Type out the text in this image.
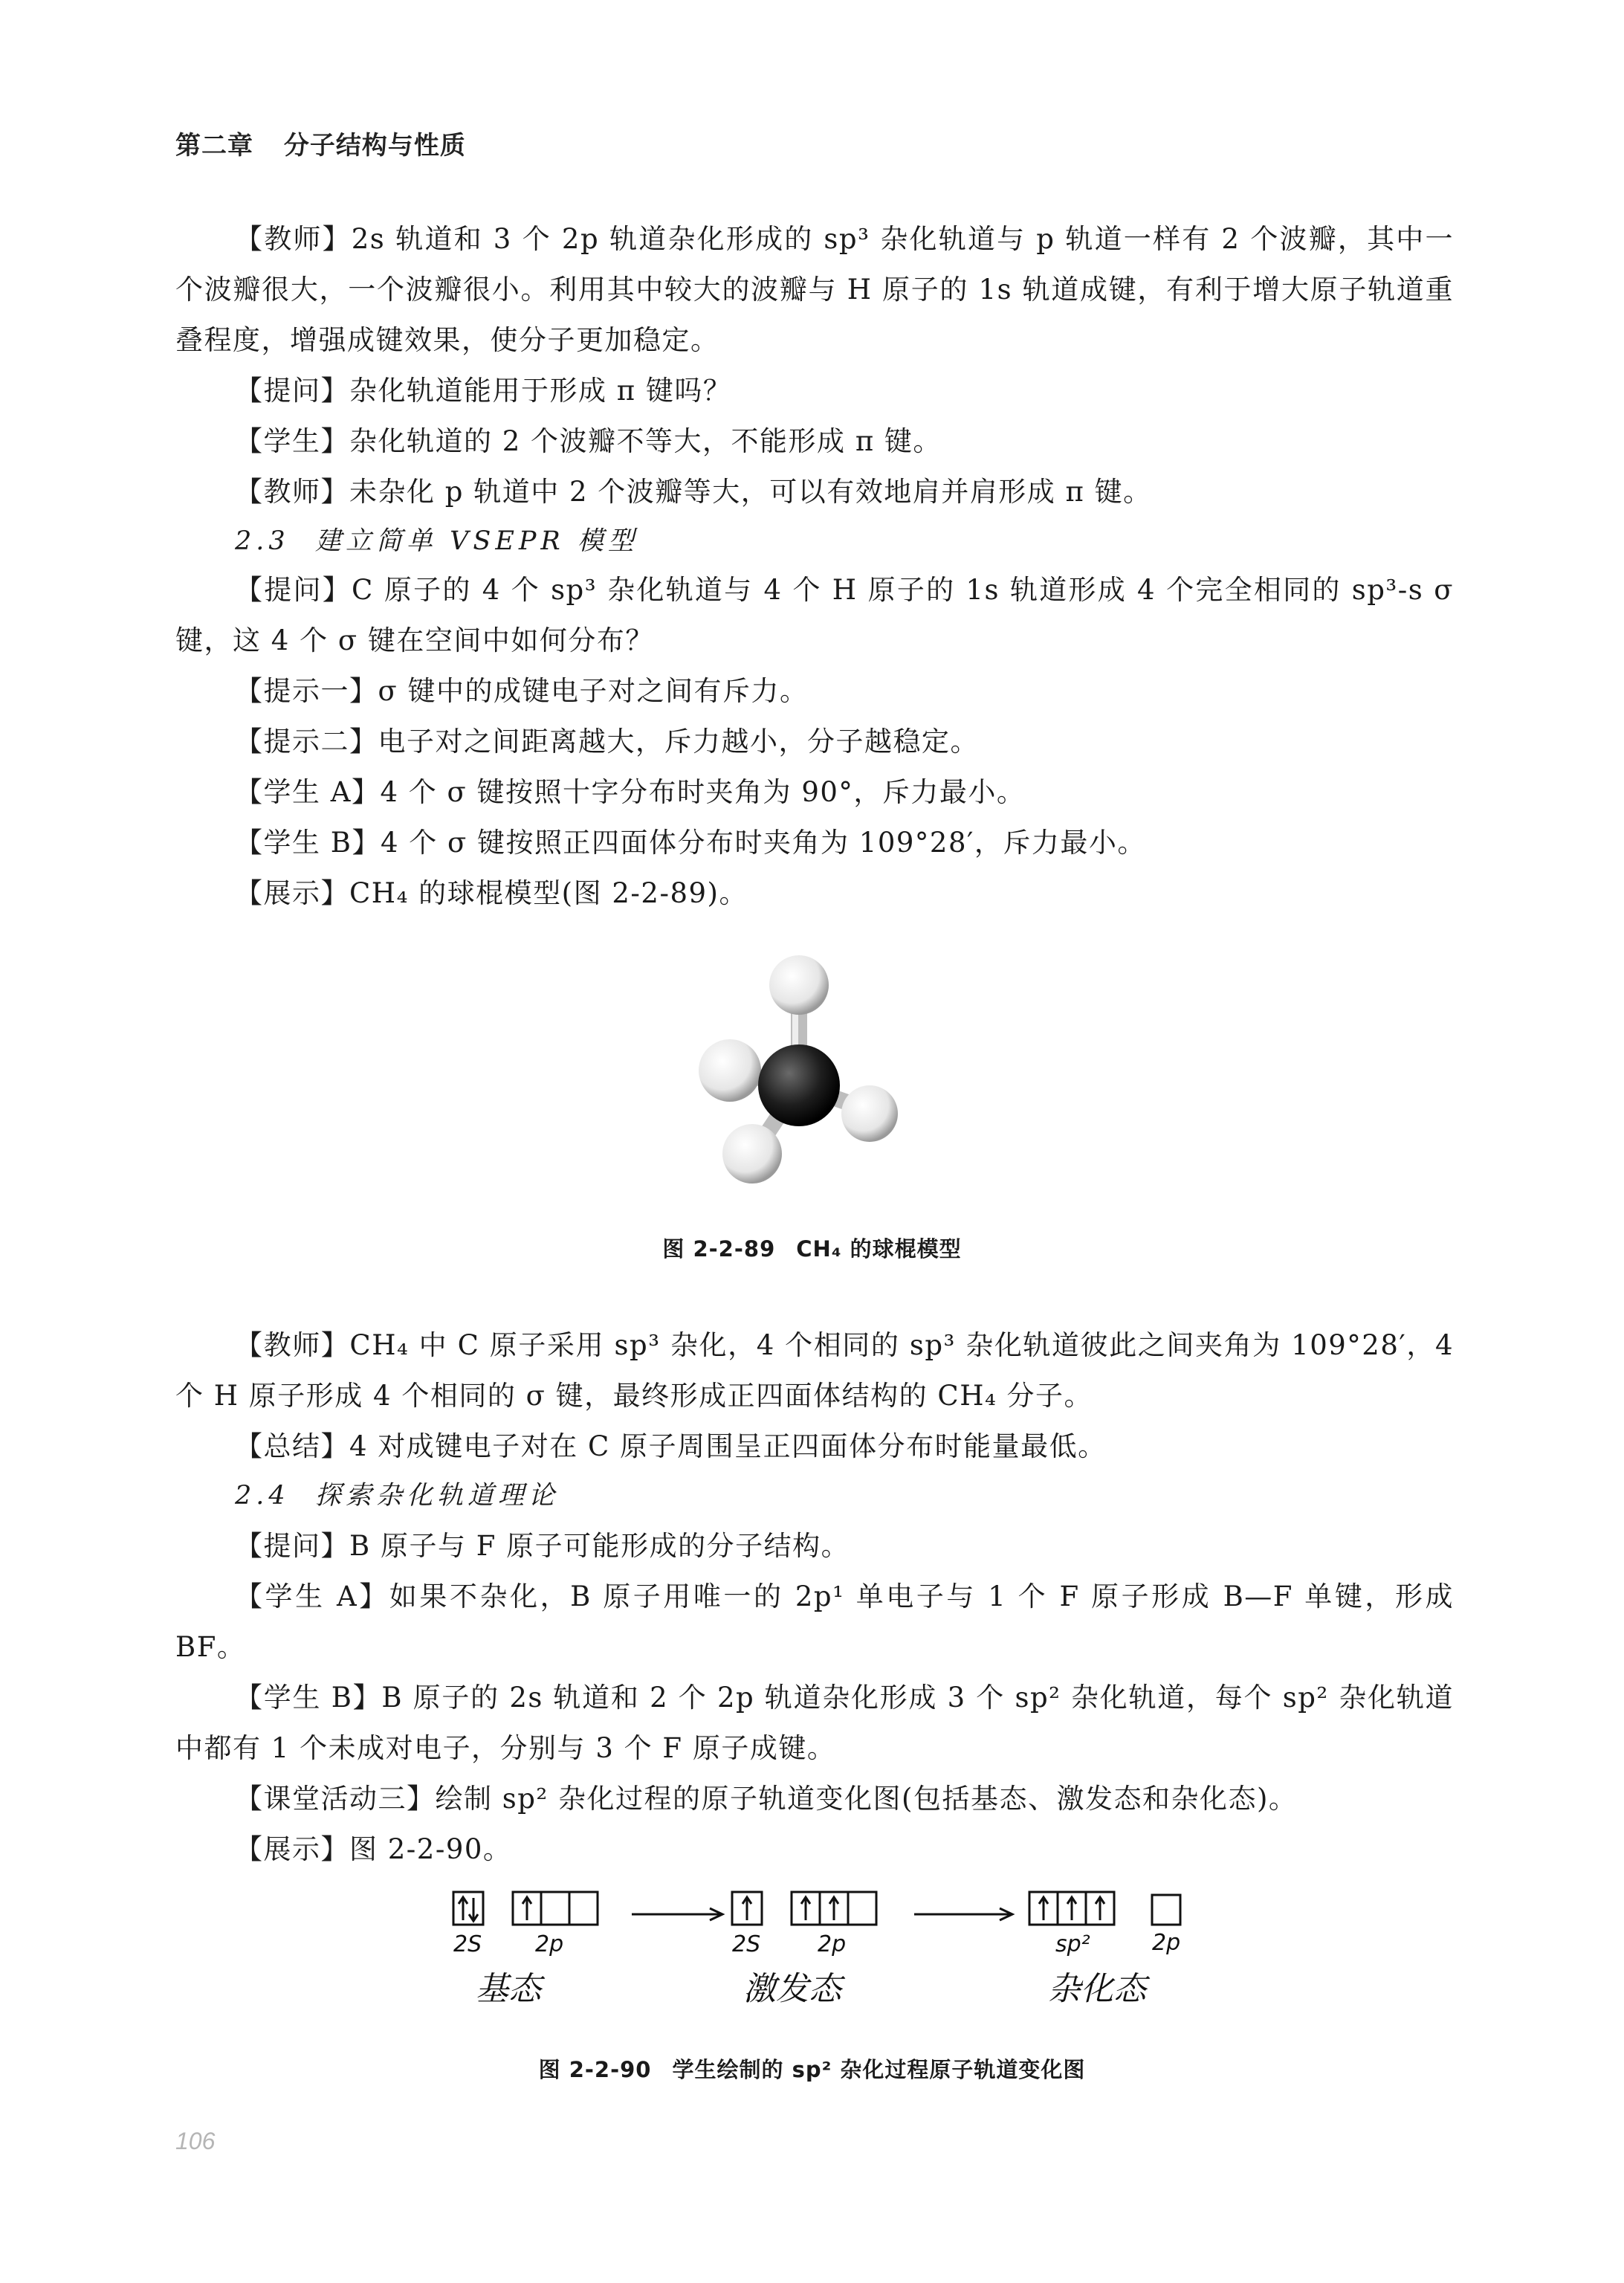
第二章 分子结构与性质
【教师】2s 轨道和 3 个 2p 轨道杂化形成的 sp³ 杂化轨道与 p 轨道一样有 2 个波瓣，其中一个波瓣很大，一个波瓣很小。利用其中较大的波瓣与 H 原子的 1s 轨道成键，有利于增大原子轨道重叠程度，增强成键效果，使分子更加稳定。
【提问】杂化轨道能用于形成 π 键吗？
【学生】杂化轨道的 2 个波瓣不等大，不能形成 π 键。
【教师】未杂化 p 轨道中 2 个波瓣等大，可以有效地肩并肩形成 π 键。
2.3 建立简单 VSEPR 模型
【提问】C 原子的 4 个 sp³ 杂化轨道与 4 个 H 原子的 1s 轨道形成 4 个完全相同的 sp³-s σ 键，这 4 个 σ 键在空间中如何分布？
【提示一】σ 键中的成键电子对之间有斥力。
【提示二】电子对之间距离越大，斥力越小，分子越稳定。
【学生 A】4 个 σ 键按照十字分布时夹角为 90°，斥力最小。
【学生 B】4 个 σ 键按照正四面体分布时夹角为 109°28′，斥力最小。
【展示】CH₄ 的球棍模型(图 2-2-89)。
图 2-2-89 CH₄ 的球棍模型
【教师】CH₄ 中 C 原子采用 sp³ 杂化，4 个相同的 sp³ 杂化轨道彼此之间夹角为 109°28′，4 个 H 原子形成 4 个相同的 σ 键，最终形成正四面体结构的 CH₄ 分子。
【总结】4 对成键电子对在 C 原子周围呈正四面体分布时能量最低。
2.4 探索杂化轨道理论
【提问】B 原子与 F 原子可能形成的分子结构。
【学生 A】如果不杂化，B 原子用唯一的 2p¹ 单电子与 1 个 F 原子形成 B—F 单键，形成 BF。
【学生 B】B 原子的 2s 轨道和 2 个 2p 轨道杂化形成 3 个 sp² 杂化轨道，每个 sp² 杂化轨道中都有 1 个未成对电子，分别与 3 个 F 原子成键。
【课堂活动三】绘制 sp² 杂化过程的原子轨道变化图(包括基态、激发态和杂化态)。
【展示】图 2-2-90。
2S 2p	2S	2p	sp²	2p
基态	激发态	杂化态
图 2-2-90 学生绘制的 sp² 杂化过程原子轨道变化图
106
